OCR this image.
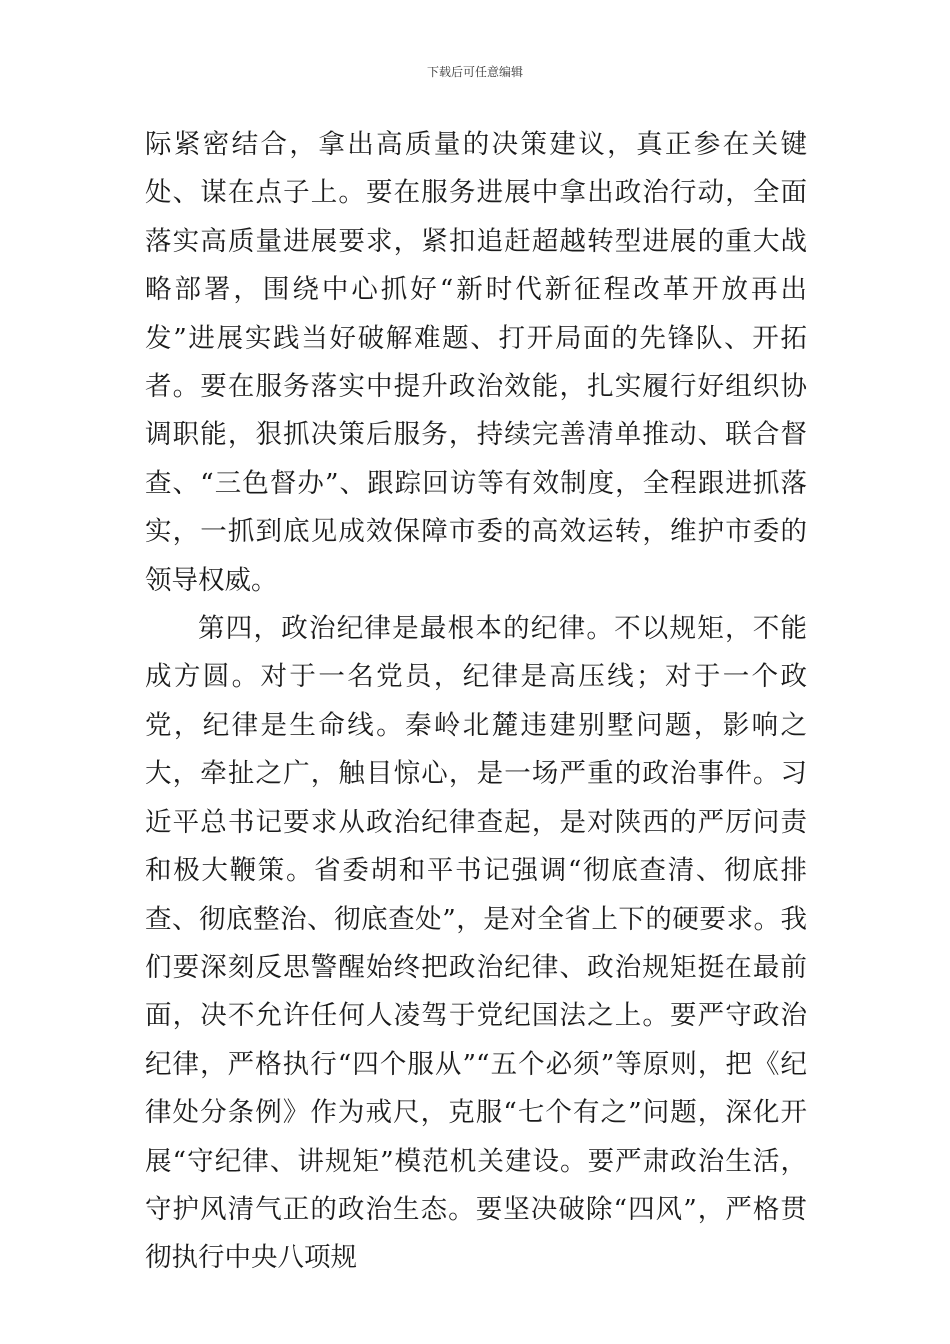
下载后可任意编辑

际紧密结合，拿出高质量的决策建议，真正参在关键处、谋在点子上。要在服务进展中拿出政治行动，全面落实高质量进展要求，紧扣追赶超越转型进展的重大战略部署，围绕中心抓好“新时代新征程改革开放再出发”进展实践当好破解难题、打开局面的先锋队、开拓者。要在服务落实中提升政治效能，扎实履行好组织协调职能，狠抓决策后服务，持续完善清单推动、联合督查、“三色督办”、跟踪回访等有效制度，全程跟进抓落实，一抓到底见成效保障市委的高效运转，维护市委的领导权威。

第四，政治纪律是最根本的纪律。不以规矩，不能成方圆。对于一名党员，纪律是高压线；对于一个政党，纪律是生命线。秦岭北麓违建别墅问题，影响之大，牵扯之广，触目惊心，是一场严重的政治事件。习近平总书记要求从政治纪律查起，是对陕西的严厉问责和极大鞭策。省委胡和平书记强调“彻底查清、彻底排查、彻底整治、彻底查处”，是对全省上下的硬要求。我们要深刻反思警醒始终把政治纪律、政治规矩挺在最前面，决不允许任何人凌驾于党纪国法之上。要严守政治纪律，严格执行“四个服从”“五个必须”等原则，把《纪律处分条例》作为戒尺，克服“七个有之”问题，深化开展“守纪律、讲规矩”模范机关建设。要严肃政治生活，守护风清气正的政治生态。要坚决破除“四风”，严格贯彻执行中央八项规
